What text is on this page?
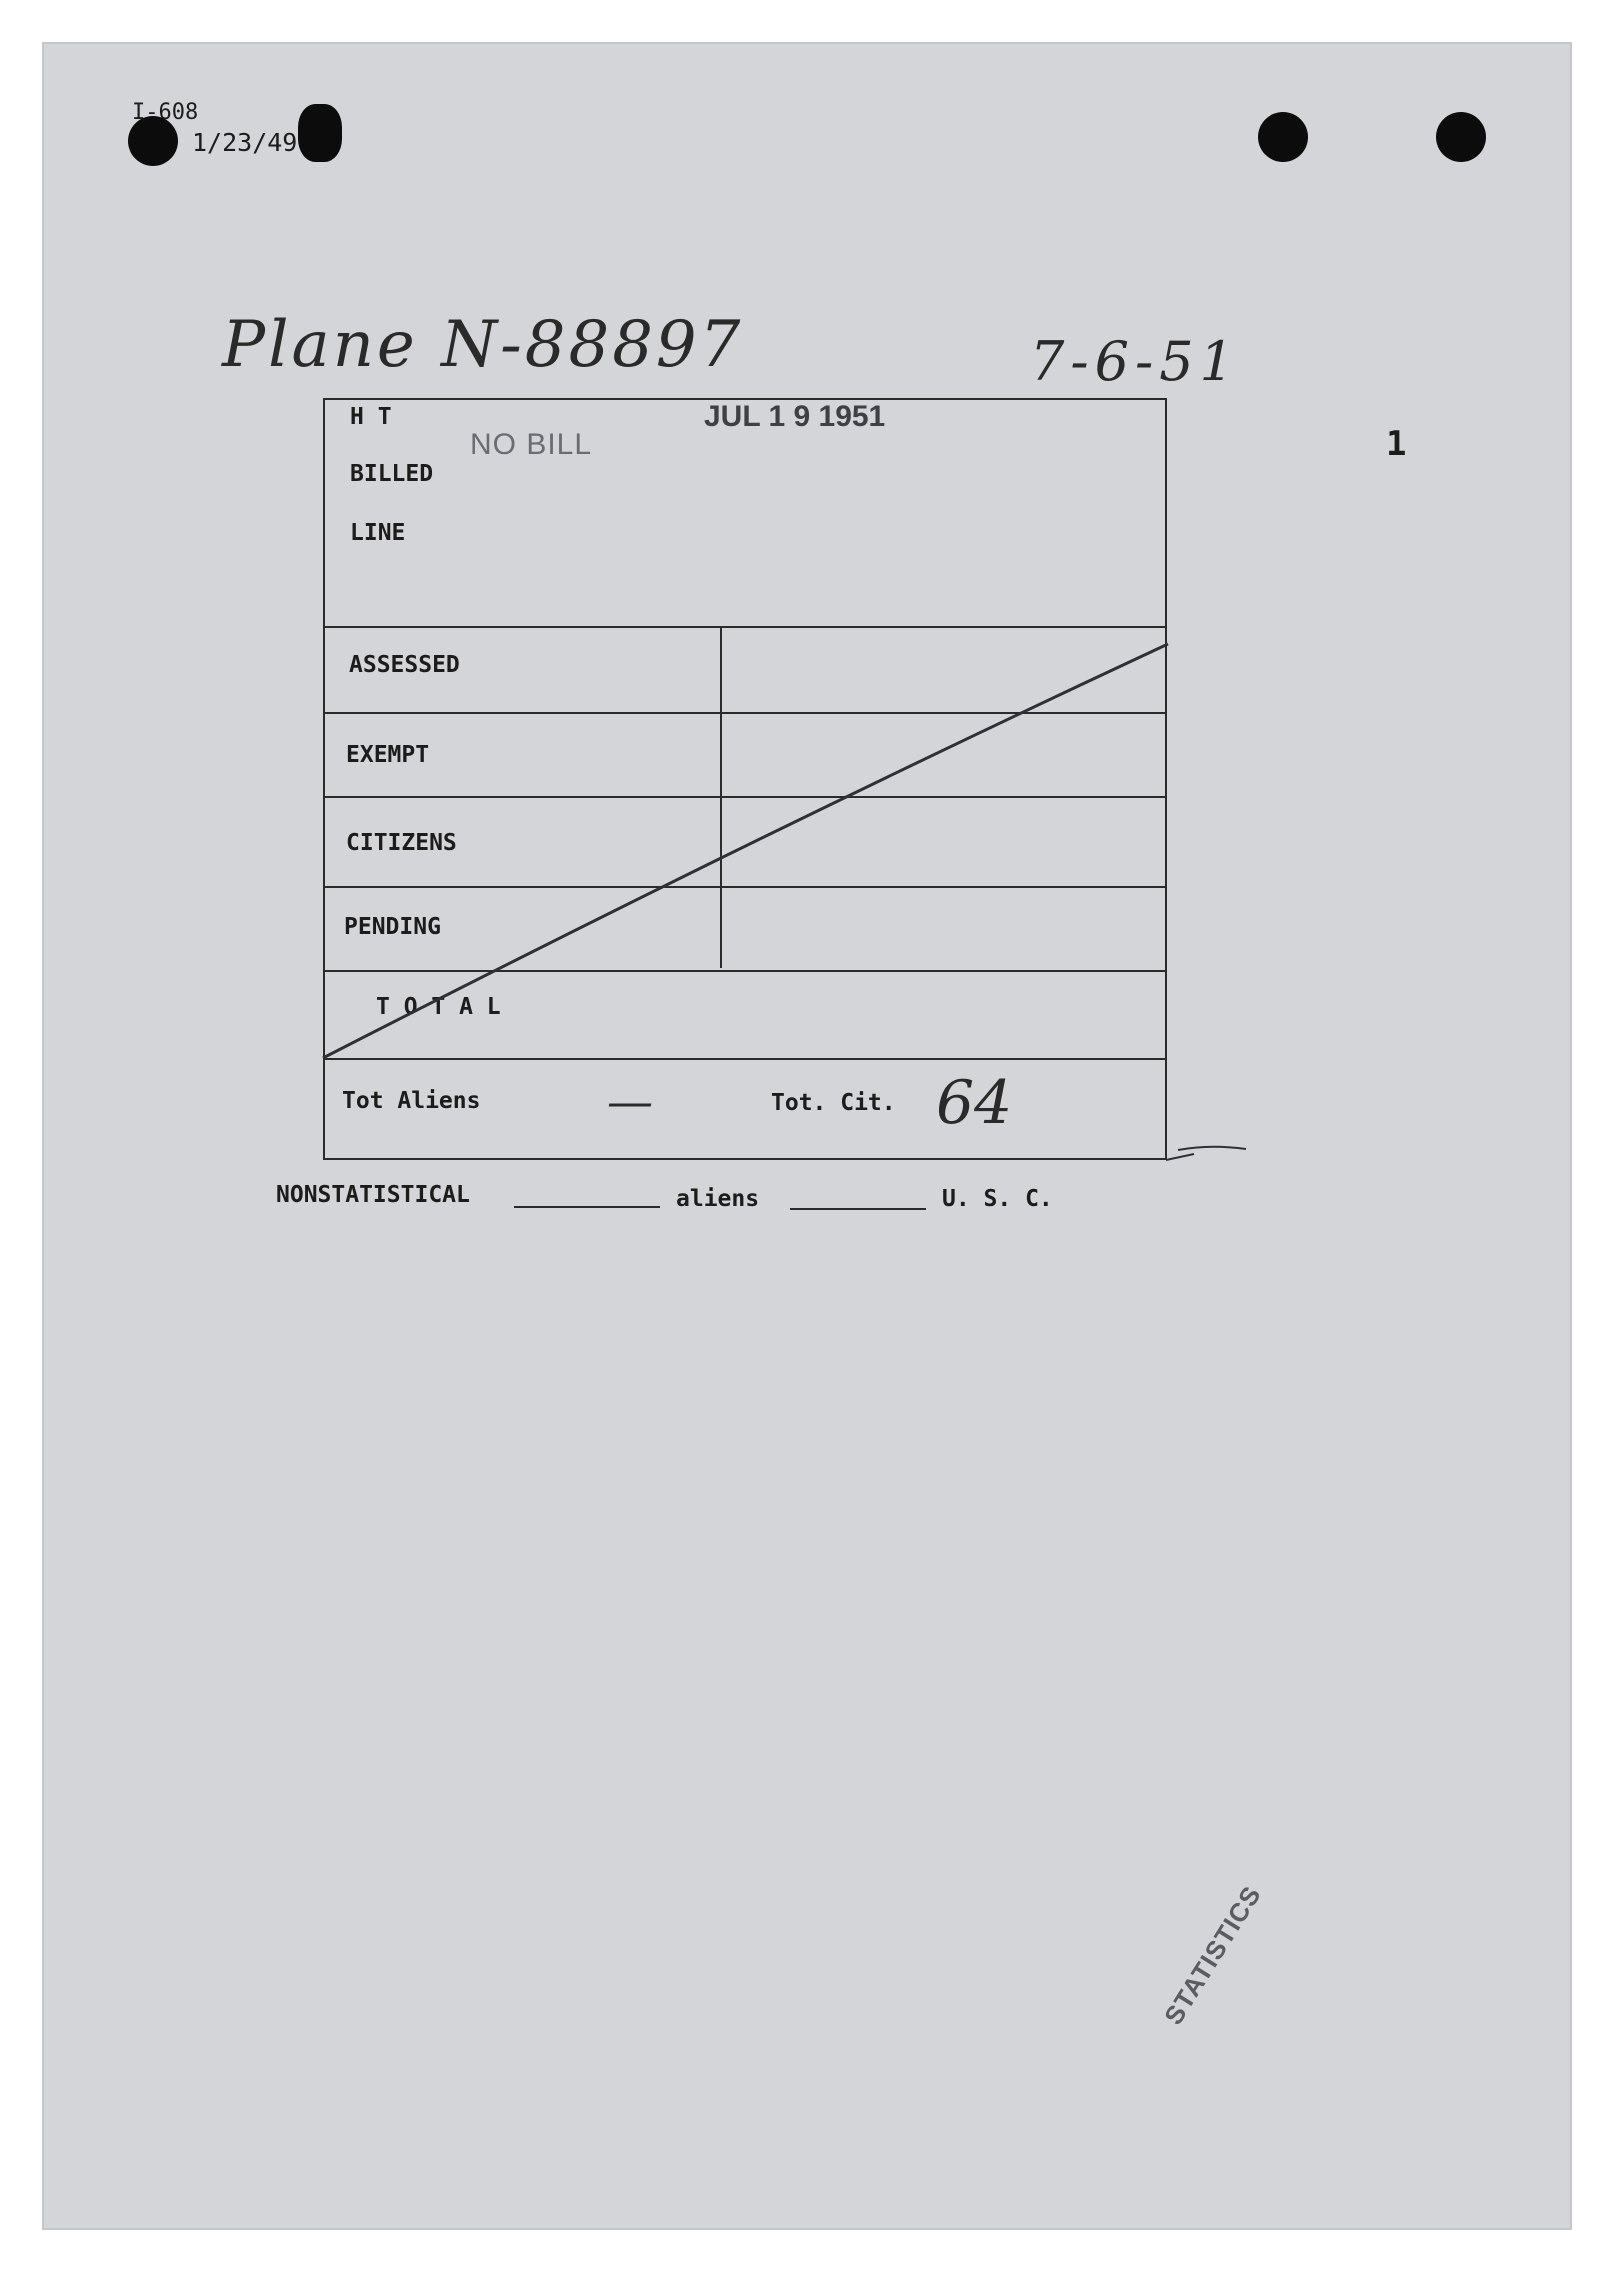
I-608
1/23/49
Plane N-88897	7-6-51
1
JUL 1 9 1951
NO BILL
H T
BILLED
LINE
ASSESSED
EXEMPT
CITIZENS
PENDING
T O T A L
Tot Aliens	—	Tot. Cit. 64
NONSTATISTICAL	aliens	U. S. C.
STATISTICS
